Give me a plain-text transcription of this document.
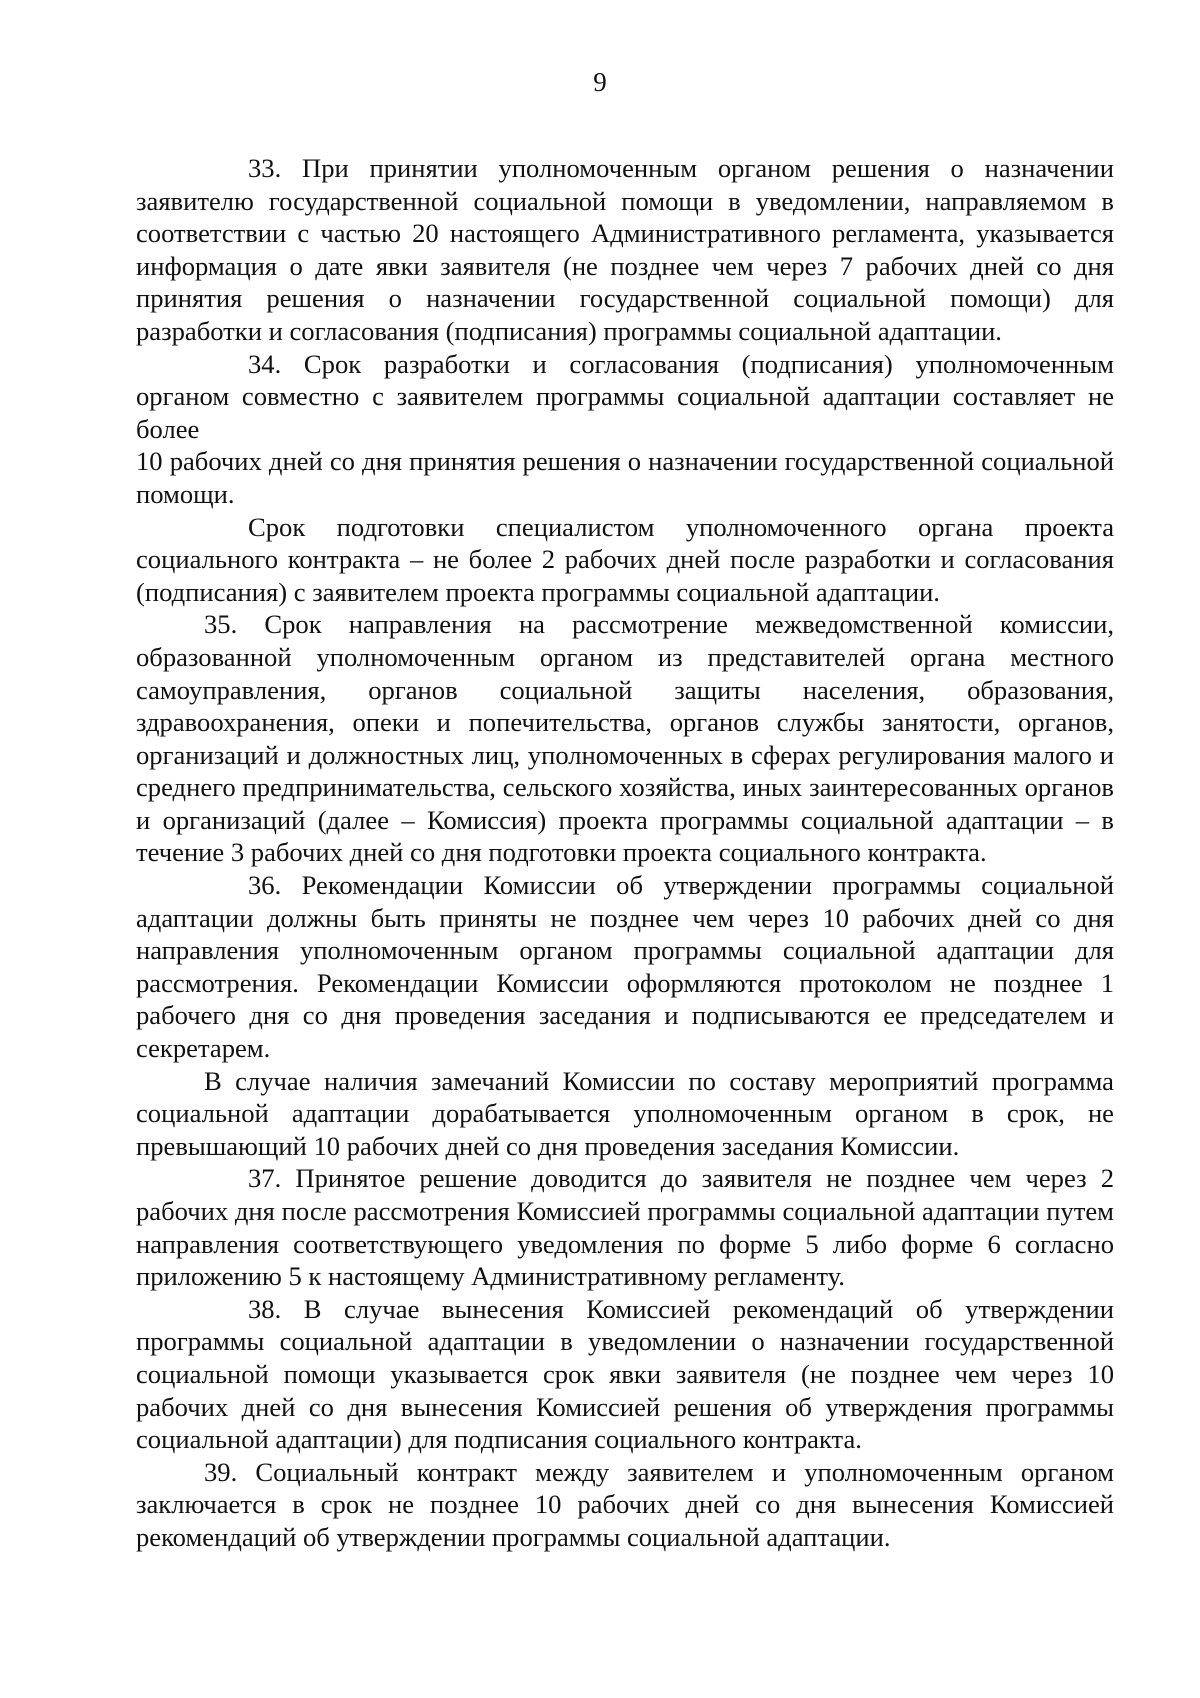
9

33. При принятии уполномоченным органом решения о назначении заявителю государственной социальной помощи в уведомлении, направляемом в соответствии с частью 20 настоящего Административного регламента, указывается информация о дате явки заявителя (не позднее чем через 7 рабочих дней со дня принятия решения о назначении государственной социальной помощи) для разработки и согласования (подписания) программы социальной адаптации.

34. Срок разработки и согласования (подписания) уполномоченным органом совместно с заявителем программы социальной адаптации составляет не более

10 рабочих дней со дня принятия решения о назначении государственной социальной помощи.

Срок подготовки специалистом уполномоченного органа проекта социального контракта – не более 2 рабочих дней после разработки и согласования (подписания) с заявителем проекта программы социальной адаптации.

35. Срок направления на рассмотрение межведомственной комиссии, образованной уполномоченным органом из представителей органа местного самоуправления, органов социальной защиты населения, образования, здравоохранения, опеки и попечительства, органов службы занятости, органов, организаций и должностных лиц, уполномоченных в сферах регулирования малого и среднего предпринимательства, сельского хозяйства, иных заинтересованных органов и организаций (далее – Комиссия) проекта программы социальной адаптации – в течение 3 рабочих дней со дня подготовки проекта социального контракта.

36. Рекомендации Комиссии об утверждении программы социальной адаптации должны быть приняты не позднее чем через 10 рабочих дней со дня направления уполномоченным органом программы социальной адаптации для рассмотрения. Рекомендации Комиссии оформляются протоколом не позднее 1 рабочего дня со дня проведения заседания и подписываются ее председателем и секретарем.

В случае наличия замечаний Комиссии по составу мероприятий программа социальной адаптации дорабатывается уполномоченным органом в срок, не превышающий 10 рабочих дней со дня проведения заседания Комиссии.

37. Принятое решение доводится до заявителя не позднее чем через 2 рабочих дня после рассмотрения Комиссией программы социальной адаптации путем направления соответствующего уведомления по форме 5 либо форме 6 согласно приложению 5 к настоящему Административному регламенту.

38. В случае вынесения Комиссией рекомендаций об утверждении программы социальной адаптации в уведомлении о назначении государственной социальной помощи указывается срок явки заявителя (не позднее чем через 10 рабочих дней со дня вынесения Комиссией решения об утверждения программы социальной адаптации) для подписания социального контракта.

39. Социальный контракт между заявителем и уполномоченным органом заключается в срок не позднее 10 рабочих дней со дня вынесения Комиссией рекомендаций об утверждении программы социальной адаптации.
